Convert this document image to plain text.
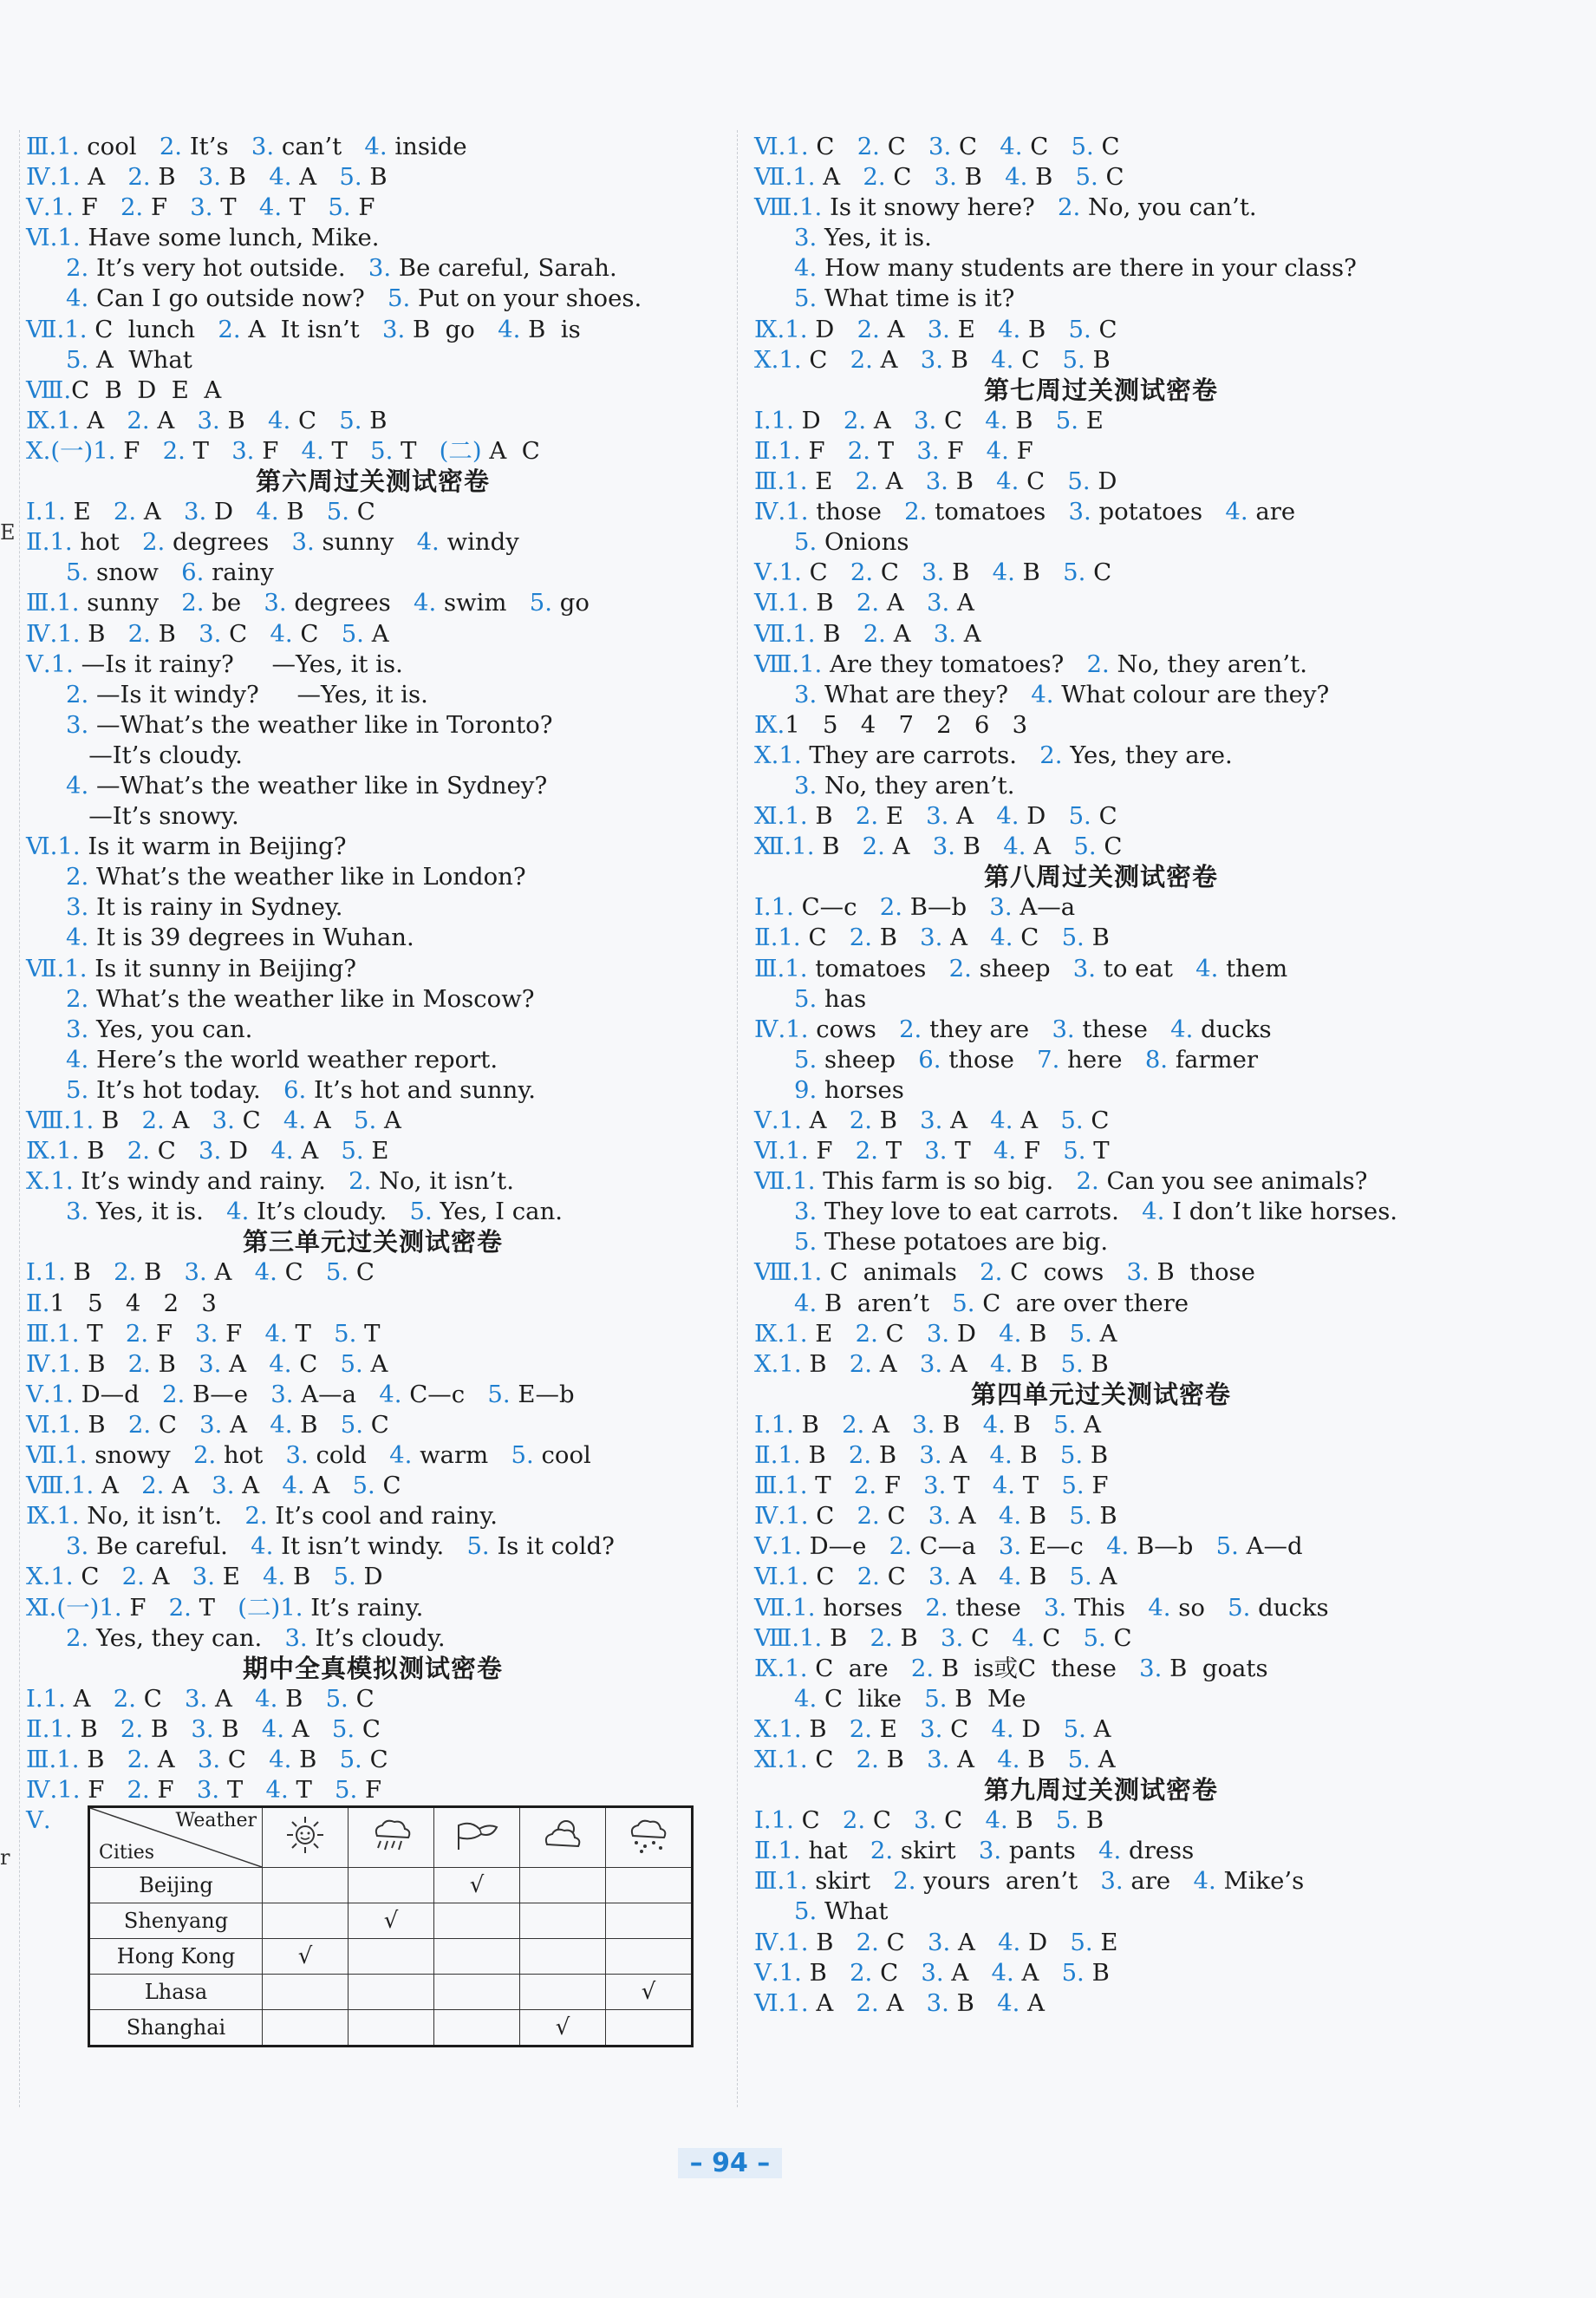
E
r
Ⅲ.1. cool 2. It’s 3. can’t 4. inside
Ⅳ.1. A 2. B 3. B 4. A 5. B
Ⅴ.1. F 2. F 3. T 4. T 5. F
Ⅵ.1. Have some lunch, Mike.
2. It’s very hot outside. 3. Be careful, Sarah.
4. Can I go outside now? 5. Put on your shoes.
Ⅶ.1. C  lunch 2. A  It isn’t 3. B  go 4. B  is
5. A  What
Ⅷ.C  B  D  E  A
Ⅸ.1. A 2. A 3. B 4. C 5. B
Ⅹ.(一)1. F 2. T 3. F 4. T 5. T (二) A  C
第六周过关测试密卷
Ⅰ.1. E 2. A 3. D 4. B 5. C
Ⅱ.1. hot 2. degrees 3. sunny 4. windy
5. snow 6. rainy
Ⅲ.1. sunny 2. be 3. degrees 4. swim 5. go
Ⅳ.1. B 2. B 3. C 4. C 5. A
Ⅴ.1. —Is it rainy?     —Yes, it is.
2. —Is it windy?     —Yes, it is.
3. —What’s the weather like in Toronto?
—It’s cloudy.
4. —What’s the weather like in Sydney?
—It’s snowy.
Ⅵ.1. Is it warm in Beijing?
2. What’s the weather like in London?
3. It is rainy in Sydney.
4. It is 39 degrees in Wuhan.
Ⅶ.1. Is it sunny in Beijing?
2. What’s the weather like in Moscow?
3. Yes, you can.
4. Here’s the world weather report.
5. It’s hot today. 6. It’s hot and sunny.
Ⅷ.1. B 2. A 3. C 4. A 5. A
Ⅸ.1. B 2. C 3. D 4. A 5. E
Ⅹ.1. It’s windy and rainy. 2. No, it isn’t.
3. Yes, it is. 4. It’s cloudy. 5. Yes, I can.
第三单元过关测试密卷
Ⅰ.1. B 2. B 3. A 4. C 5. C
Ⅱ.1   5   4   2   3
Ⅲ.1. T 2. F 3. F 4. T 5. T
Ⅳ.1. B 2. B 3. A 4. C 5. A
Ⅴ.1. D—d 2. B—e 3. A—a 4. C—c 5. E—b
Ⅵ.1. B 2. C 3. A 4. B 5. C
Ⅶ.1. snowy 2. hot 3. cold 4. warm 5. cool
Ⅷ.1. A 2. A 3. A 4. A 5. C
Ⅸ.1. No, it isn’t. 2. It’s cool and rainy.
3. Be careful. 4. It isn’t windy. 5. Is it cold?
Ⅹ.1. C 2. A 3. E 4. B 5. D
Ⅺ.(一)1. F 2. T (二)1. It’s rainy.
2. Yes, they can. 3. It’s cloudy.
期中全真模拟测试密卷
Ⅰ.1. A 2. C 3. A 4. B 5. C
Ⅱ.1. B 2. B 3. B 4. A 5. C
Ⅲ.1. B 2. A 3. C 4. B 5. C
Ⅳ.1. F 2. F 3. T 4. T 5. F
Ⅴ.	Weather
Cities

Beijing			√		
Shenyang		√			
Hong Kong	√				
Lhasa					√
Shanghai				√	
Ⅵ.1. C 2. C 3. C 4. C 5. C
Ⅶ.1. A 2. C 3. B 4. B 5. C
Ⅷ.1. Is it snowy here? 2. No, you can’t.
3. Yes, it is.
4. How many students are there in your class?
5. What time is it?
Ⅸ.1. D 2. A 3. E 4. B 5. C
Ⅹ.1. C 2. A 3. B 4. C 5. B
第七周过关测试密卷
Ⅰ.1. D 2. A 3. C 4. B 5. E
Ⅱ.1. F 2. T 3. F 4. F
Ⅲ.1. E 2. A 3. B 4. C 5. D
Ⅳ.1. those 2. tomatoes 3. potatoes 4. are
5. Onions
Ⅴ.1. C 2. C 3. B 4. B 5. C
Ⅵ.1. B 2. A 3. A
Ⅶ.1. B 2. A 3. A
Ⅷ.1. Are they tomatoes? 2. No, they aren’t.
3. What are they? 4. What colour are they?
Ⅸ.1   5   4   7   2   6   3
Ⅹ.1. They are carrots. 2. Yes, they are.
3. No, they aren’t.
Ⅺ.1. B 2. E 3. A 4. D 5. C
Ⅻ.1. B 2. A 3. B 4. A 5. C
第八周过关测试密卷
Ⅰ.1. C—c 2. B—b 3. A—a
Ⅱ.1. C 2. B 3. A 4. C 5. B
Ⅲ.1. tomatoes 2. sheep 3. to eat 4. them
5. has
Ⅳ.1. cows 2. they are 3. these 4. ducks
5. sheep 6. those 7. here 8. farmer
9. horses
Ⅴ.1. A 2. B 3. A 4. A 5. C
Ⅵ.1. F 2. T 3. T 4. F 5. T
Ⅶ.1. This farm is so big. 2. Can you see animals?
3. They love to eat carrots. 4. I don’t like horses.
5. These potatoes are big.
Ⅷ.1. C  animals 2. C  cows 3. B  those
4. B  aren’t 5. C  are over there
Ⅸ.1. E 2. C 3. D 4. B 5. A
Ⅹ.1. B 2. A 3. A 4. B 5. B
第四单元过关测试密卷
Ⅰ.1. B 2. A 3. B 4. B 5. A
Ⅱ.1. B 2. B 3. A 4. B 5. B
Ⅲ.1. T 2. F 3. T 4. T 5. F
Ⅳ.1. C 2. C 3. A 4. B 5. B
Ⅴ.1. D—e 2. C—a 3. E—c 4. B—b 5. A—d
Ⅵ.1. C 2. C 3. A 4. B 5. A
Ⅶ.1. horses 2. these 3. This 4. so 5. ducks
Ⅷ.1. B 2. B 3. C 4. C 5. C
Ⅸ.1. C  are 2. B  is或C  these 3. B  goats
4. C  like 5. B  Me
Ⅹ.1. B 2. E 3. C 4. D 5. A
Ⅺ.1. C 2. B 3. A 4. B 5. A
第九周过关测试密卷
Ⅰ.1. C 2. C 3. C 4. B 5. B
Ⅱ.1. hat 2. skirt 3. pants 4. dress
Ⅲ.1. skirt 2. yours  aren’t 3. are 4. Mike’s
5. What
Ⅳ.1. B 2. C 3. A 4. D 5. E
Ⅴ.1. B 2. C 3. A 4. A 5. B
Ⅵ.1. A 2. A 3. B 4. A
– 94 –
